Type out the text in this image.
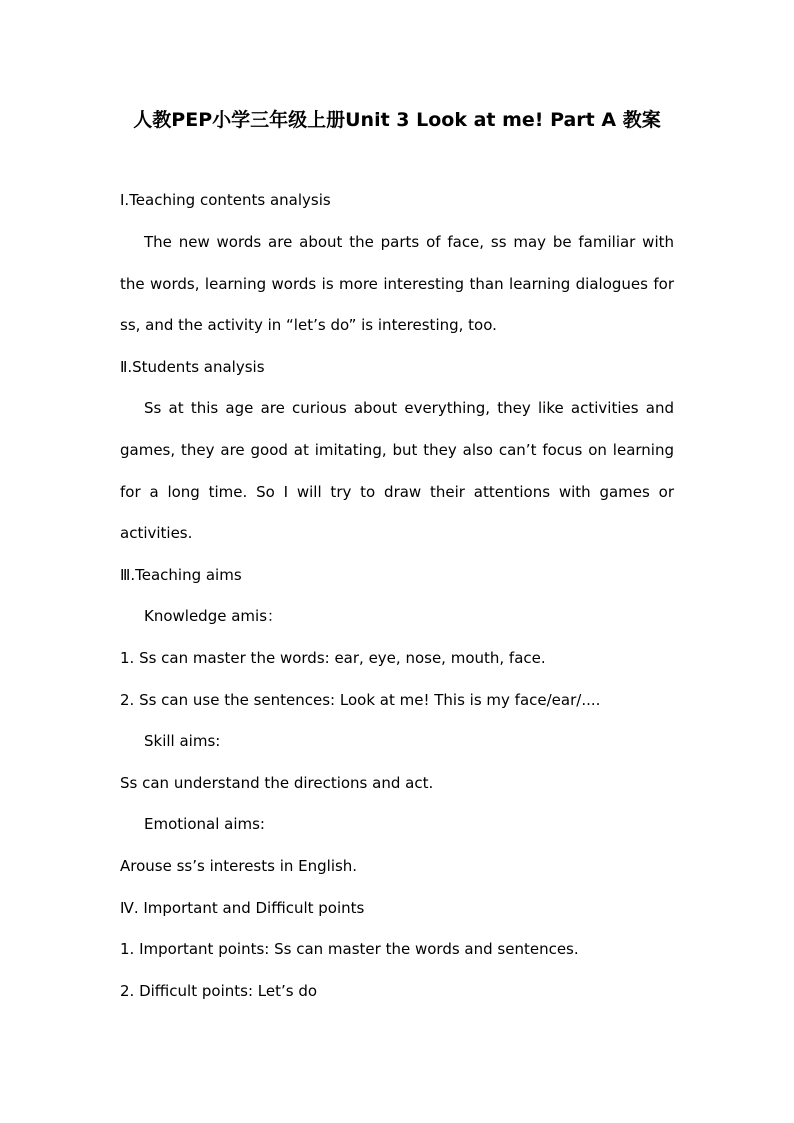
人教PEP小学三年级上册Unit 3 Look at me! Part A 教案

Ⅰ.Teaching contents analysis

The new words are about the parts of face, ss may be familiar with

the words, learning words is more interesting than learning dialogues for

ss, and the activity in “let’s do” is interesting, too.

Ⅱ.Students analysis

Ss at this age are curious about everything, they like activities and

games, they are good at imitating, but they also can’t focus on learning

for a long time. So I will try to draw their attentions with games or

activities.

Ⅲ.Teaching aims

Knowledge amis：

1. Ss can master the words: ear, eye, nose, mouth, face.

2. Ss can use the sentences: Look at me! This is my face/ear/....

Skill aims:

Ss can understand the directions and act.

Emotional aims:

Arouse ss’s interests in English.

Ⅳ. Important and Difficult points

1. Important points: Ss can master the words and sentences.

2. Difficult points: Let’s do
